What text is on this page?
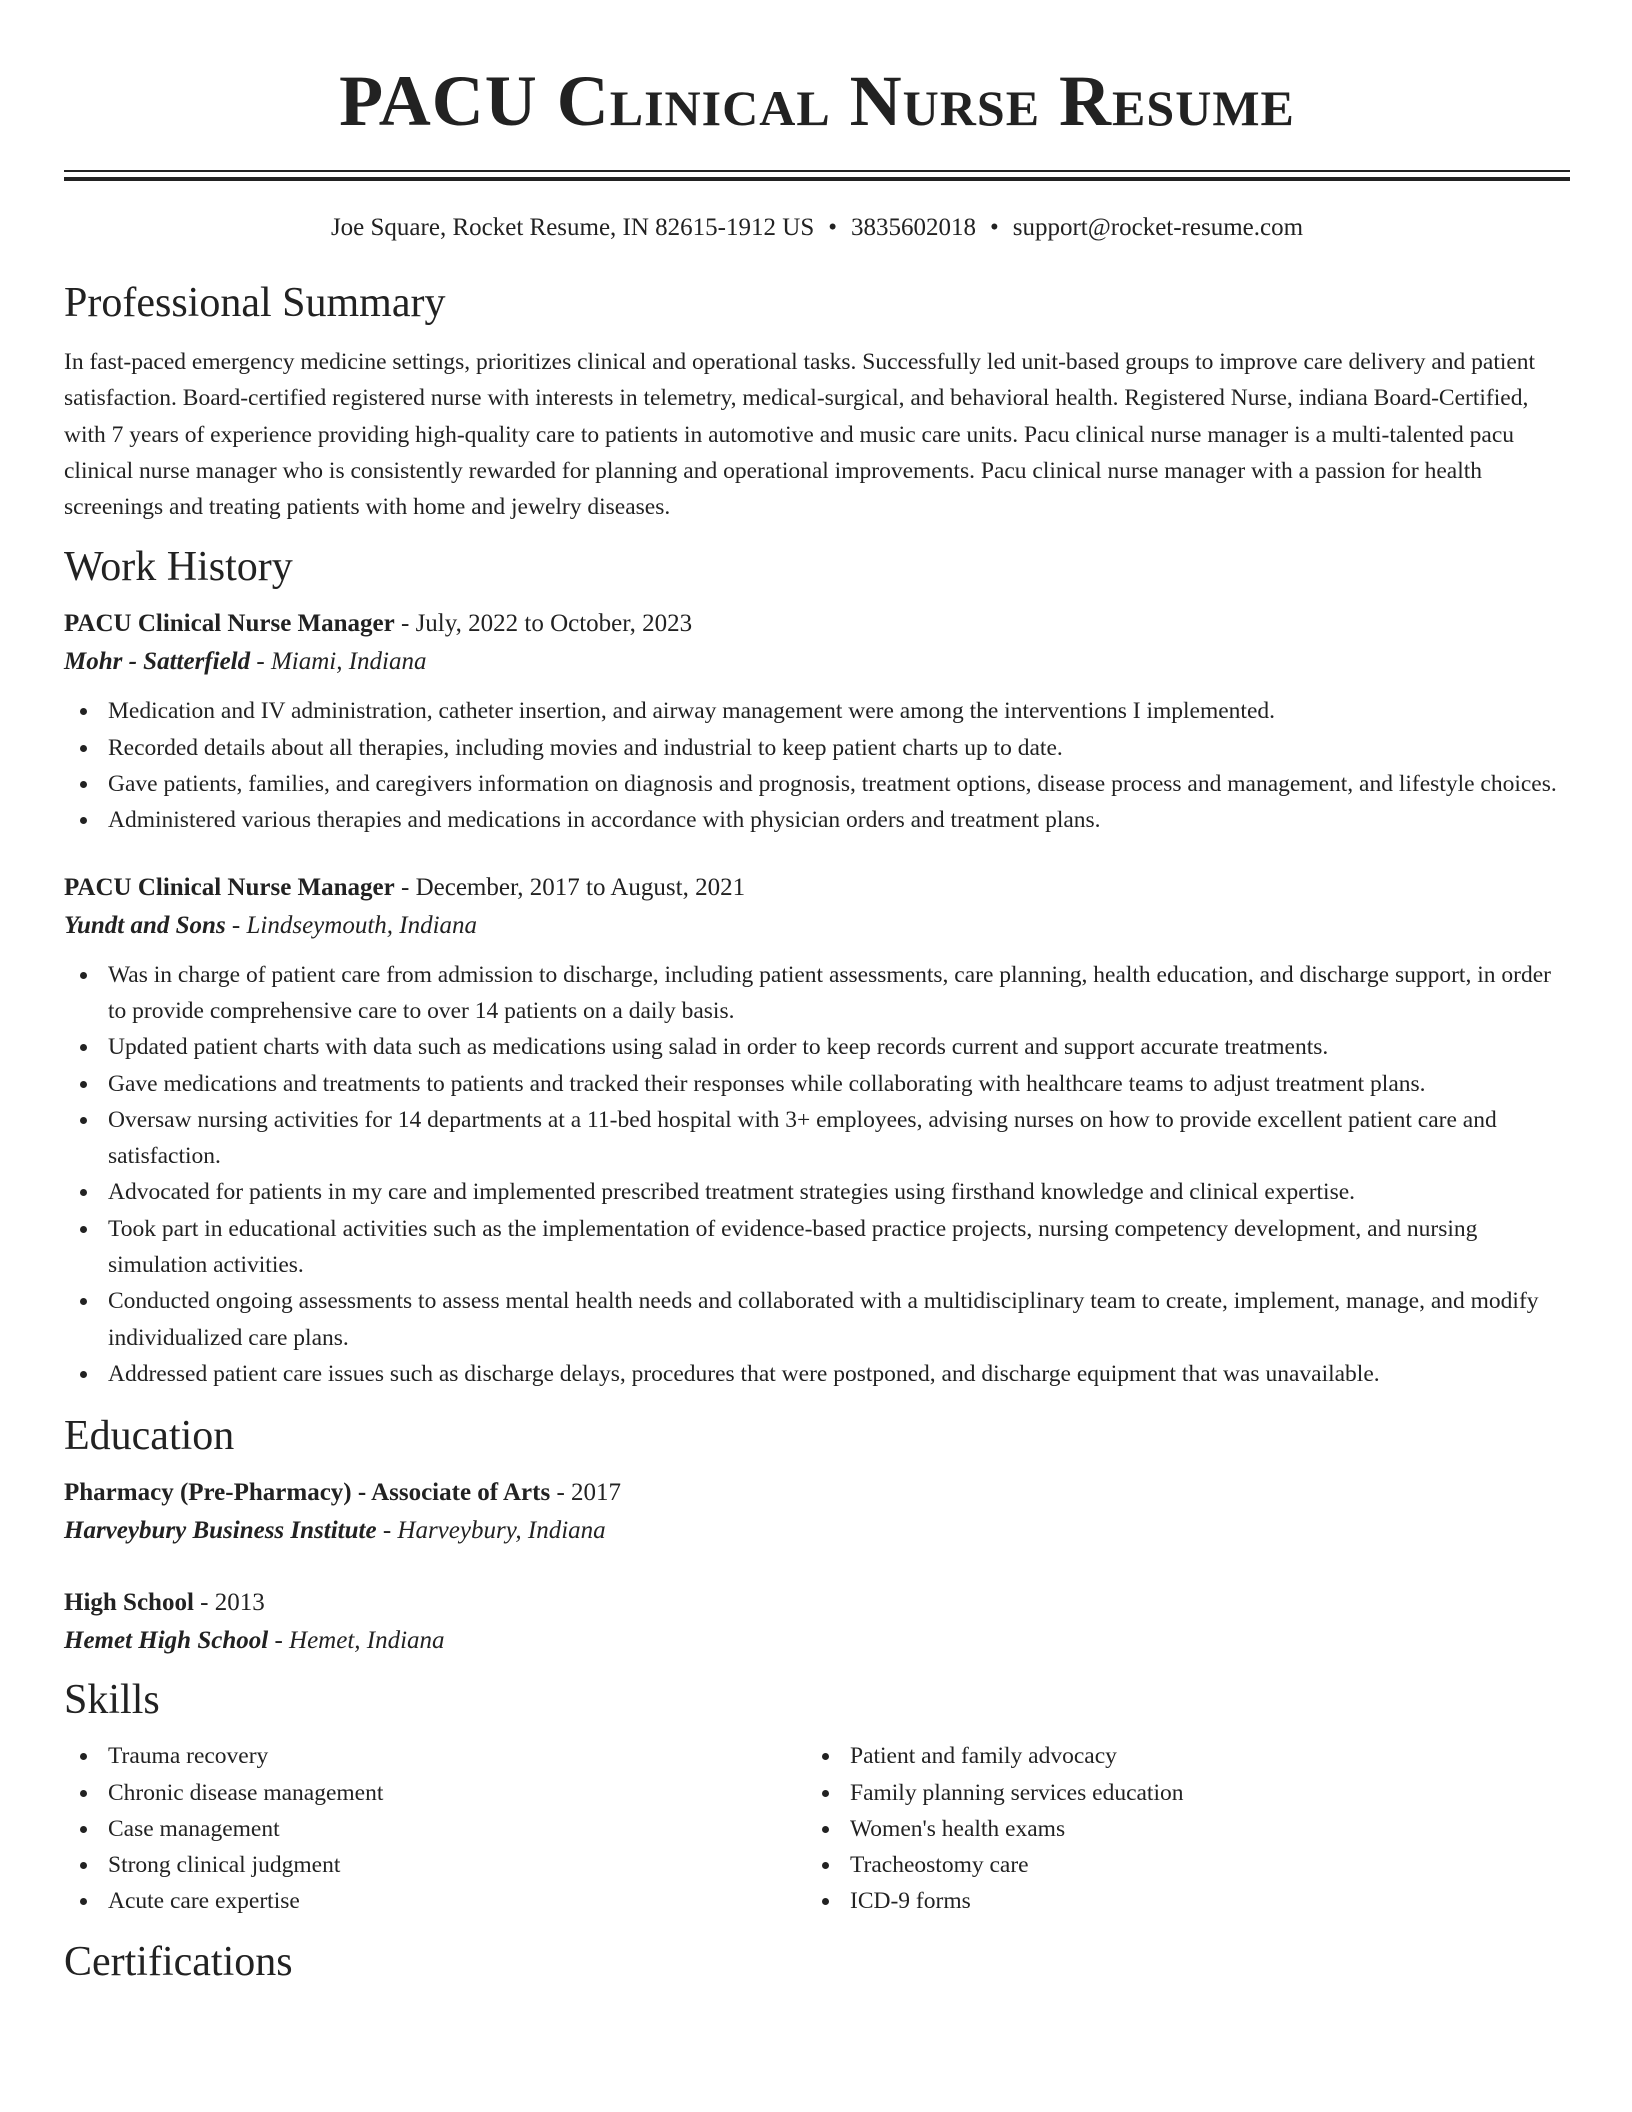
PACU Clinical Nurse Resume
Joe Square, Rocket Resume, IN 82615-1912 US • 3835602018 • support@rocket-resume.com
Professional Summary

In fast-paced emergency medicine settings, prioritizes clinical and operational tasks. Successfully led unit-based groups to improve care delivery and patient satisfaction. Board-certified registered nurse with interests in telemetry, medical-surgical, and behavioral health. Registered Nurse, indiana Board-Certified, with 7 years of experience providing high-quality care to patients in automotive and music care units. Pacu clinical nurse manager is a multi-talented pacu clinical nurse manager who is consistently rewarded for planning and operational improvements. Pacu clinical nurse manager with a passion for health screenings and treating patients with home and jewelry diseases.

Work History
PACU Clinical Nurse Manager - July, 2022 to October, 2023
Mohr - Satterfield - Miami, Indiana
Medication and IV administration, catheter insertion, and airway management were among the interventions I implemented.
Recorded details about all therapies, including movies and industrial to keep patient charts up to date.
Gave patients, families, and caregivers information on diagnosis and prognosis, treatment options, disease process and management, and lifestyle choices.
Administered various therapies and medications in accordance with physician orders and treatment plans.
PACU Clinical Nurse Manager - December, 2017 to August, 2021
Yundt and Sons - Lindseymouth, Indiana
Was in charge of patient care from admission to discharge, including patient assessments, care planning, health education, and discharge support, in order to provide comprehensive care to over 14 patients on a daily basis.
Updated patient charts with data such as medications using salad in order to keep records current and support accurate treatments.
Gave medications and treatments to patients and tracked their responses while collaborating with healthcare teams to adjust treatment plans.
Oversaw nursing activities for 14 departments at a 11-bed hospital with 3+ employees, advising nurses on how to provide excellent patient care and satisfaction.
Advocated for patients in my care and implemented prescribed treatment strategies using firsthand knowledge and clinical expertise.
Took part in educational activities such as the implementation of evidence-based practice projects, nursing competency development, and nursing simulation activities.
Conducted ongoing assessments to assess mental health needs and collaborated with a multidisciplinary team to create, implement, manage, and modify individualized care plans.
Addressed patient care issues such as discharge delays, procedures that were postponed, and discharge equipment that was unavailable.
Education
Pharmacy (Pre-Pharmacy) - Associate of Arts - 2017
Harveybury Business Institute - Harveybury, Indiana
High School - 2013
Hemet High School - Hemet, Indiana
Skills
Trauma recovery
Chronic disease management
Case management
Strong clinical judgment
Acute care expertise
Patient and family advocacy
Family planning services education
Women's health exams
Tracheostomy care
ICD-9 forms
Certifications
